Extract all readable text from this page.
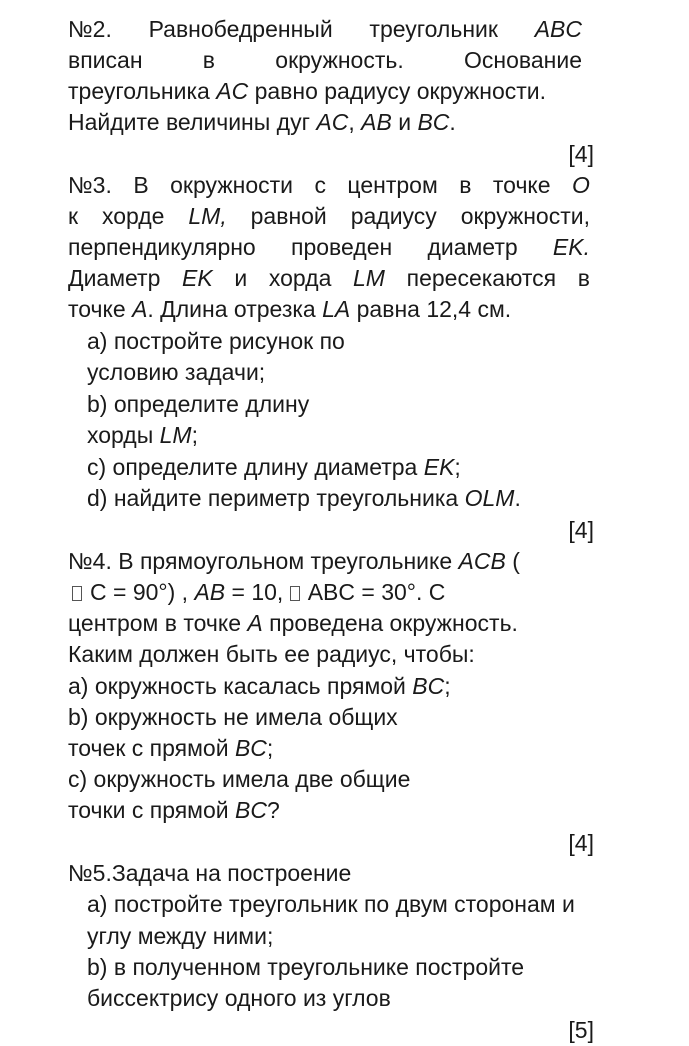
№2. Равнобедренный треугольник ABC
вписан	в	окружность.	Основание
треугольника AC равно радиусу окружности.
Найдите величины дуг AC, AB и BC.
[4]
№3. В окружности с центром в точке O
к хорде LM, равной радиусу окружности,
перпендикулярно проведен диаметр EK.
Диаметр EK и хорда LM пересекаются в
точке A. Длина отрезка LA равна 12,4 см.
a) постройте рисунок по
условию задачи;
b) определите длину
хорды LM;
c) определите длину диаметра EK;
d) найдите периметр треугольника OLM.
[4]
№4. В прямоугольном треугольнике ACB (
C = 90°) , AB = 10, ABC = 30°. С
центром в точке A проведена окружность.
Каким должен быть ее радиус, чтобы:
a) окружность касалась прямой BC;
b) окружность не имела общих
точек с прямой BC;
c) окружность имела две общие
точки с прямой BC?
[4]
№5.Задача на построение
a) постройте треугольник по двум сторонам и
углу между ними;
b) в полученном треугольнике постройте
биссектрису одного из углов
[5]
